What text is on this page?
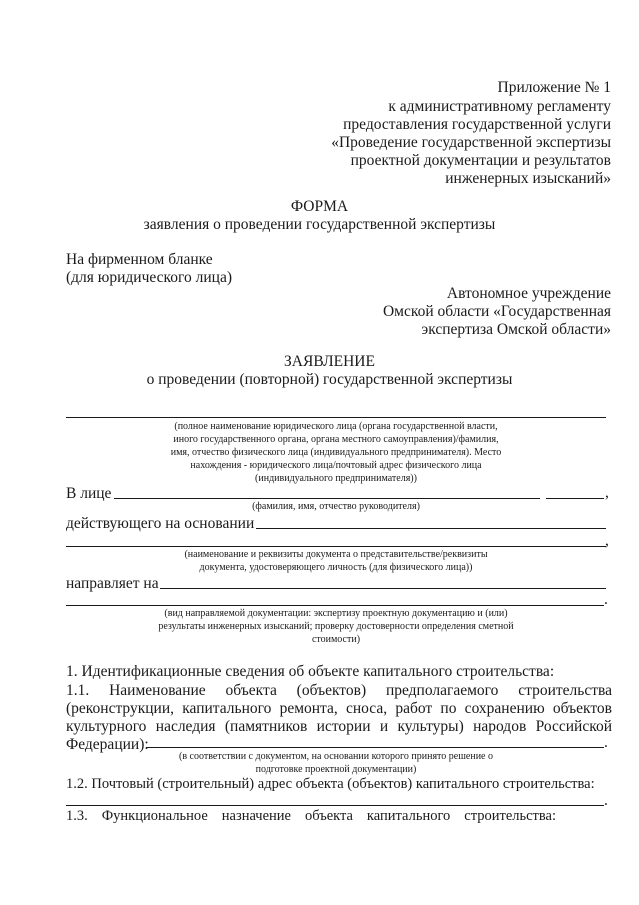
Приложение № 1
к административному регламенту
предоставления государственной услуги
«Проведение государственной экспертизы
проектной документации и результатов
инженерных изысканий»
ФОРМА
заявления о проведении государственной экспертизы
На фирменном бланке
(для юридического лица)
Автономное учреждение
Омской области «Государственная
экспертиза Омской области»
ЗАЯВЛЕНИЕ
о проведении (повторной) государственной экспертизы
(полное наименование юридического лица (органа государственной власти,
иного государственного органа, органа местного самоуправления)/фамилия,
имя, отчество физического лица (индивидуального предпринимателя). Место
нахождения - юридического лица/почтовый адрес физического лица
(индивидуального предпринимателя))
В лице	,
(фамилия, имя, отчество руководителя)
действующего на основании
,
(наименование и реквизиты документа о представительстве/реквизиты
документа, удостоверяющего личность (для физического лица))
направляет на
.
(вид направляемой документации: экспертизу проектную документацию и (или)
результаты инженерных изысканий; проверку достоверности определения сметной
стоимости)
1. Идентификационные сведения об объекте капитального строительства:
1.1. Наименование объекта (объектов) предполагаемого строительства
(реконструкции, капитального ремонта, сноса, работ по сохранению объектов
культурного наследия (памятников истории и культуры) народов Российской
Федерации):	.
(в соответствии с документом, на основании которого принято решение о
подготовке проектной документации)
1.2. Почтовый (строительный) адрес объекта (объектов) капитального строительства:
.
1.3. Функциональное назначение объекта капитального строительства:
